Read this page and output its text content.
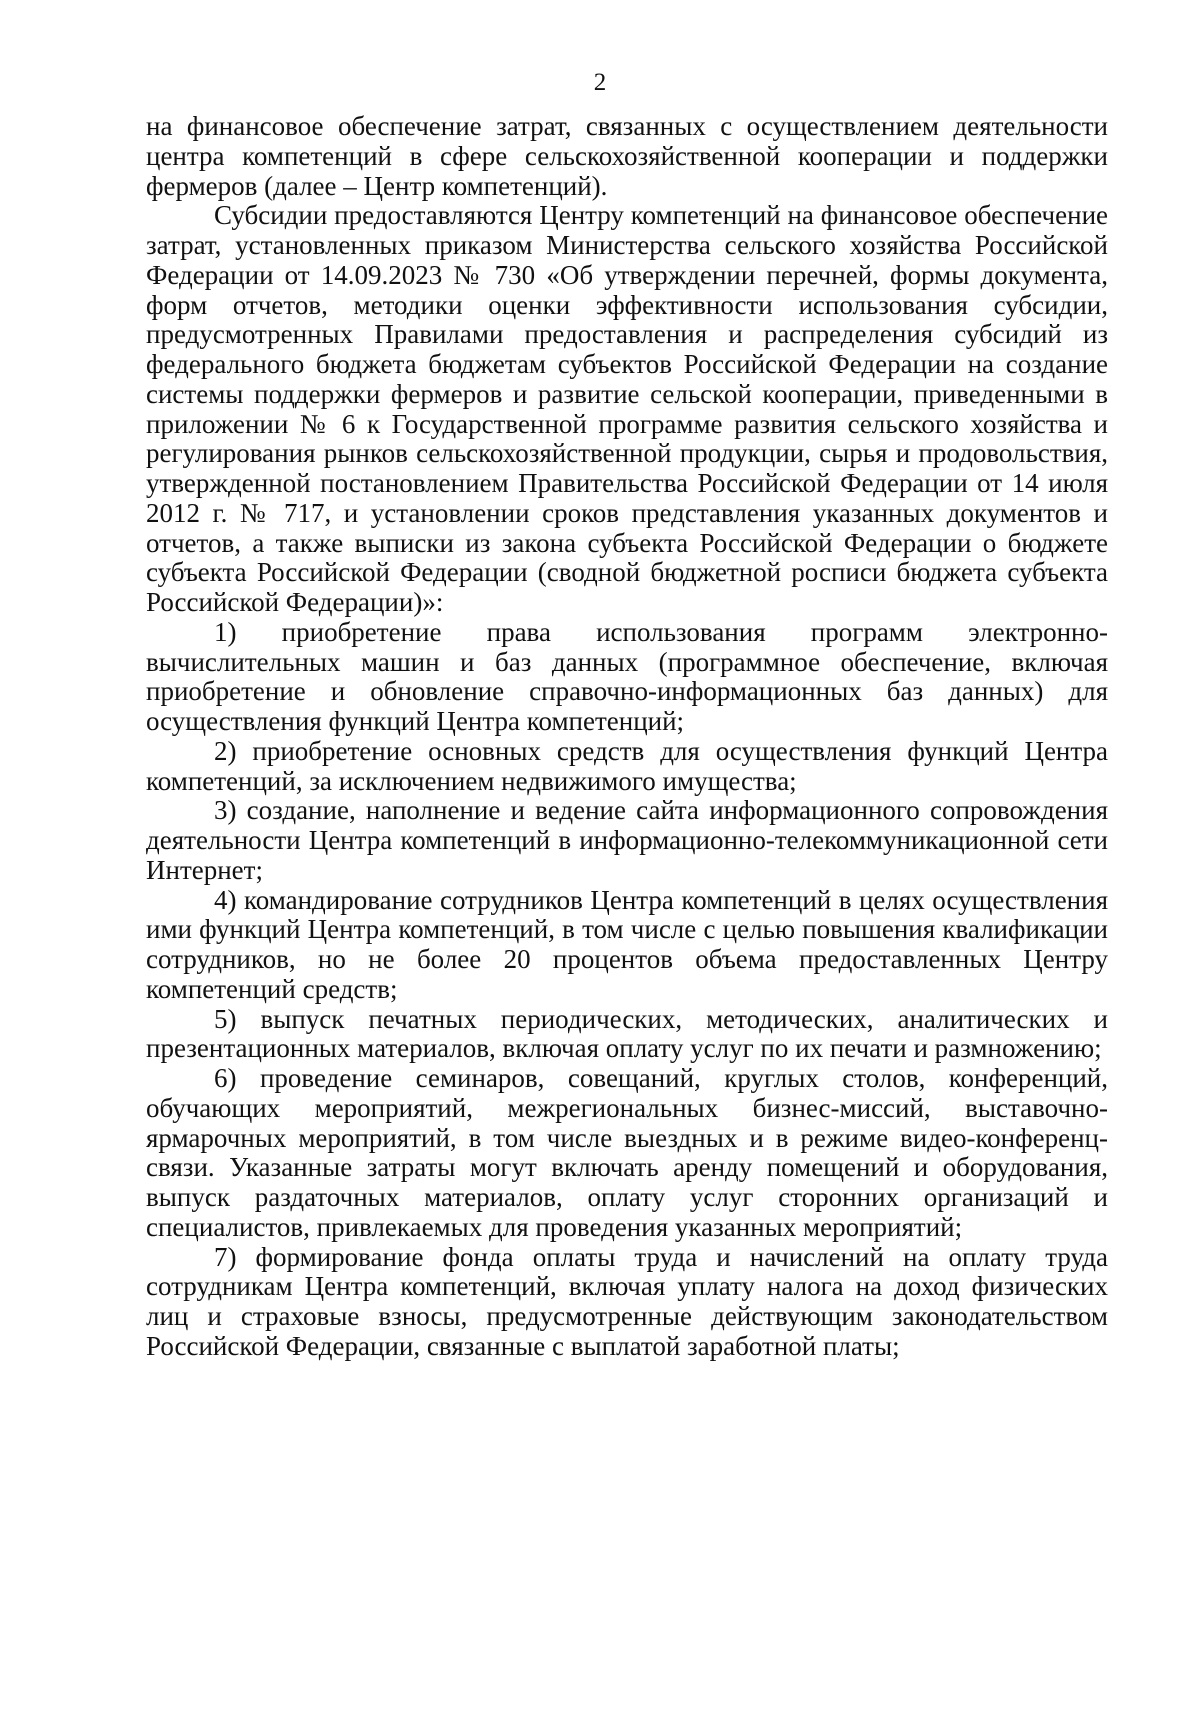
2

на финансовое обеспечение затрат, связанных с осуществлением деятельности центра компетенций в сфере сельскохозяйственной кооперации и поддержки фермеров (далее – Центр компетенций).

Субсидии предоставляются Центру компетенций на финансовое обеспечение затрат, установленных приказом Министерства сельского хозяйства Российской Федерации от 14.09.2023 № 730 «Об утверждении перечней, формы документа, форм отчетов, методики оценки эффективности использования субсидии, предусмотренных Правилами предоставления и распределения субсидий из федерального бюджета бюджетам субъектов Российской Федерации на создание системы поддержки фермеров и развитие сельской кооперации, приведенными в приложении № 6 к Государственной программе развития сельского хозяйства и регулирования рынков сельскохозяйственной продукции, сырья и продовольствия, утвержденной постановлением Правительства Российской Федерации от 14 июля 2012 г. № 717, и установлении сроков представления указанных документов и отчетов, а также выписки из закона субъекта Российской Федерации о бюджете субъекта Российской Федерации (сводной бюджетной росписи бюджета субъекта Российской Федерации)»:

1) приобретение права использования программ электронно-вычислительных машин и баз данных (программное обеспечение, включая приобретение и обновление справочно-информационных баз данных) для осуществления функций Центра компетенций;

2) приобретение основных средств для осуществления функций Центра компетенций, за исключением недвижимого имущества;

3) создание, наполнение и ведение сайта информационного сопровождения деятельности Центра компетенций в информационно-телекоммуникационной сети Интернет;

4) командирование сотрудников Центра компетенций в целях осуществления ими функций Центра компетенций, в том числе с целью повышения квалификации сотрудников, но не более 20 процентов объема предоставленных Центру компетенций средств;

5) выпуск печатных периодических, методических, аналитических и презентационных материалов, включая оплату услуг по их печати и размножению;

6) проведение семинаров, совещаний, круглых столов, конференций, обучающих мероприятий, межрегиональных бизнес-миссий, выставочно-ярмарочных мероприятий, в том числе выездных и в режиме видео-конференц-связи. Указанные затраты могут включать аренду помещений и оборудования, выпуск раздаточных материалов, оплату услуг сторонних организаций и специалистов, привлекаемых для проведения указанных мероприятий;

7) формирование фонда оплаты труда и начислений на оплату труда сотрудникам Центра компетенций, включая уплату налога на доход физических лиц и страховые взносы, предусмотренные действующим законодательством Российской Федерации, связанные с выплатой заработной платы;
